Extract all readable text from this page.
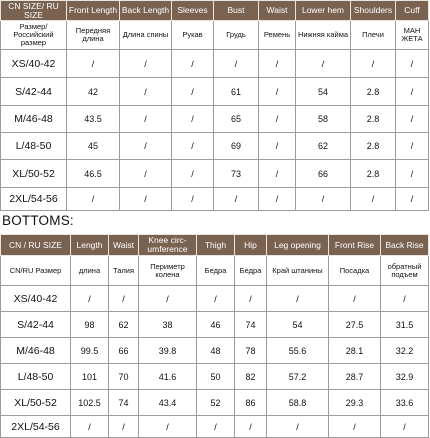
CN SIZE/ RU SIZE	Front Length	Back Length	Sleeves	Bust	Waist	Lower hem	Shoulders	Cuff
Размер/ Российский размер	Передняя длина	Длина спины	Рукав	Грудь	Ремень	Нижняя кайма	Плечи	МАН ЖЕТА
XS/40-42	/	/	/	/	/	/	/	/
S/42-44	42	/	/	61	/	54	2.8	/
M/46-48	43.5	/	/	65	/	58	2.8	/
L/48-50	45	/	/	69	/	62	2.8	/
XL/50-52	46.5	/	/	73	/	66	2.8	/
2XL/54-56	/	/	/	/	/	/	/	/
BOTTOMS:
CN / RU SIZE	Length	Waist	Knee circ- umference	Thigh	Hip	Leg opening	Front Rise	Back Rise
CN/RU Размер	длина	Талия	Периметр колена	Бедра	Бедра	Край штанины	Посадка	обратный подъем
XS/40-42	/	/	/	/	/	/	/	/
S/42-44	98	62	38	46	74	54	27.5	31.5
M/46-48	99.5	66	39.8	48	78	55.6	28.1	32.2
L/48-50	101	70	41.6	50	82	57.2	28.7	32.9
XL/50-52	102.5	74	43.4	52	86	58.8	29.3	33.6
2XL/54-56	/	/	/	/	/	/	/	/
